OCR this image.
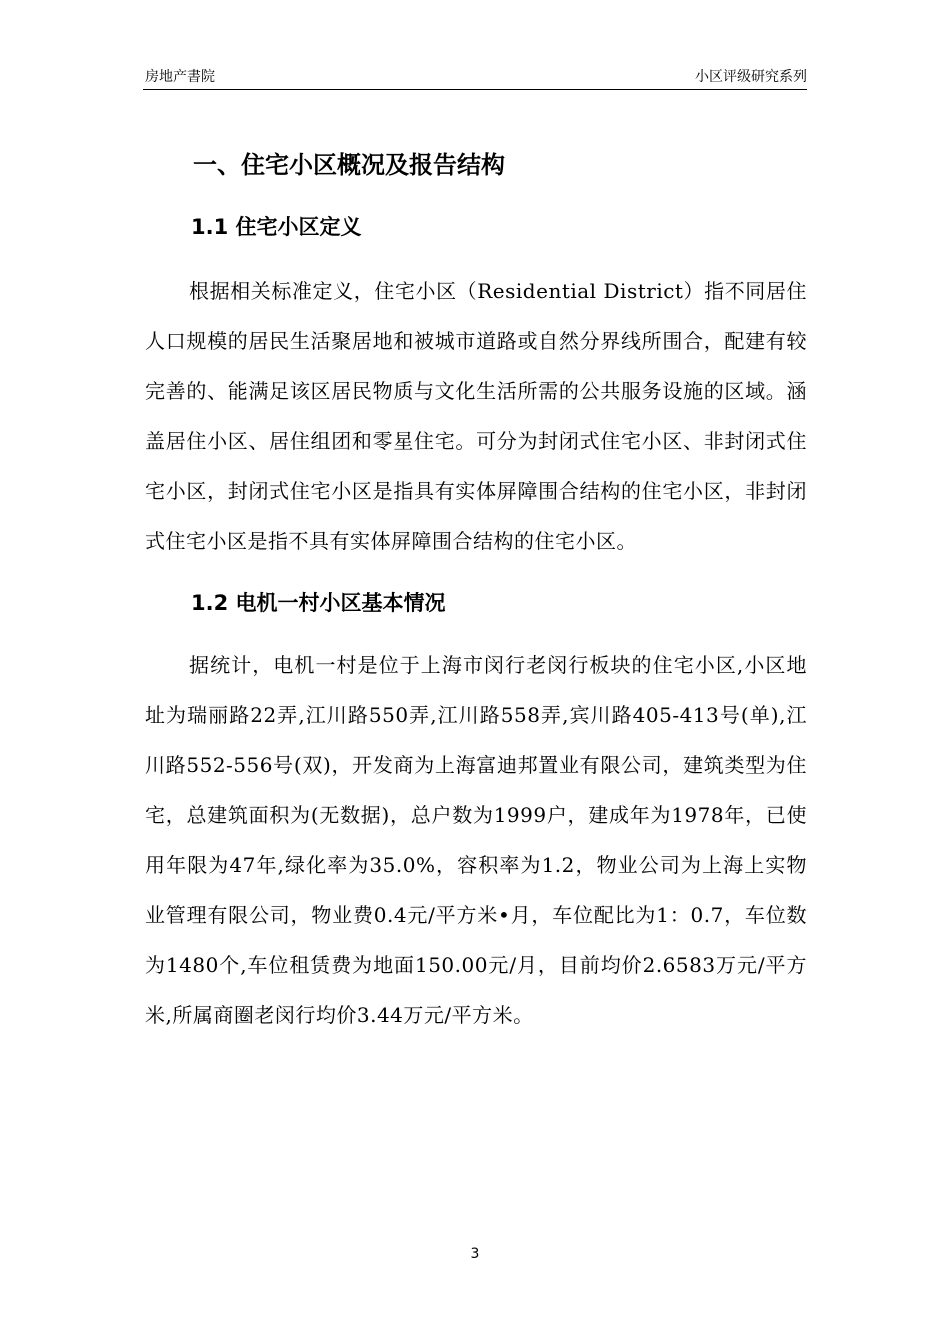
房地产書院	小区评级研究系列
一、住宅小区概况及报告结构
1.1 住宅小区定义

根据相关标准定义，住宅小区（Residential District）指不同居住人口规模的居民生活聚居地和被城市道路或自然分界线所围合，配建有较完善的、能满足该区居民物质与文化生活所需的公共服务设施的区域。涵盖居住小区、居住组团和零星住宅。可分为封闭式住宅小区、非封闭式住宅小区，封闭式住宅小区是指具有实体屏障围合结构的住宅小区，非封闭式住宅小区是指不具有实体屏障围合结构的住宅小区。

1.2 电机一村小区基本情况

据统计，电机一村是位于上海市闵行老闵行板块的住宅小区,小区地址为瑞丽路22弄,江川路550弄,江川路558弄,宾川路405-413号(单),江川路552-556号(双)，开发商为上海富迪邦置业有限公司，建筑类型为住宅，总建筑面积为(无数据)，总户数为1999户，建成年为1978年，已使用年限为47年,绿化率为35.0%，容积率为1.2，物业公司为上海上实物业管理有限公司，物业费0.4元/平方米•月，车位配比为1：0.7，车位数为1480个,车位租赁费为地面150.00元/月，目前均价2.6583万元/平方米,所属商圈老闵行均价3.44万元/平方米。

3
